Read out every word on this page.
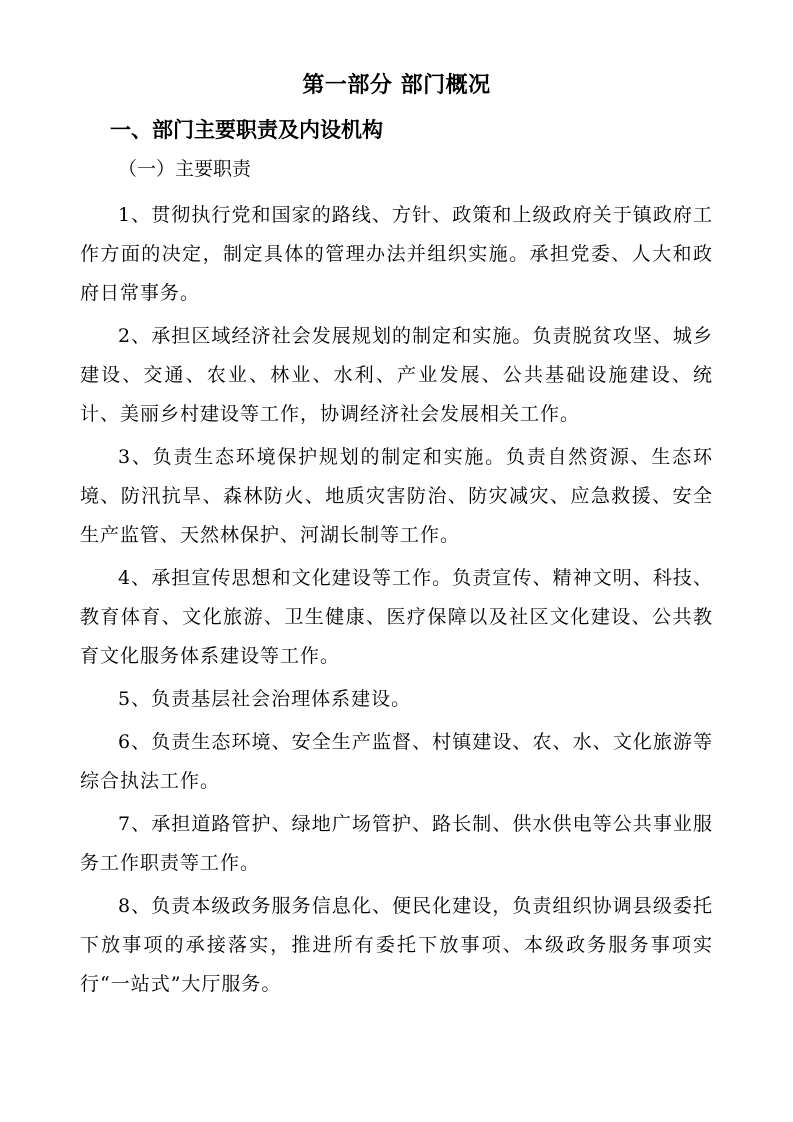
第一部分 部门概况
一、部门主要职责及内设机构
（一）主要职责

1、贯彻执行党和国家的路线、方针、政策和上级政府关于镇政府工作方面的决定，制定具体的管理办法并组织实施。承担党委、人大和政府日常事务。

2、承担区域经济社会发展规划的制定和实施。负责脱贫攻坚、城乡建设、交通、农业、林业、水利、产业发展、公共基础设施建设、统计、美丽乡村建设等工作，协调经济社会发展相关工作。

3、负责生态环境保护规划的制定和实施。负责自然资源、生态环境、防汛抗旱、森林防火、地质灾害防治、防灾减灾、应急救援、安全生产监管、天然林保护、河湖长制等工作。

4、承担宣传思想和文化建设等工作。负责宣传、精神文明、科技、教育体育、文化旅游、卫生健康、医疗保障以及社区文化建设、公共教育文化服务体系建设等工作。

5、负责基层社会治理体系建设。

6、负责生态环境、安全生产监督、村镇建设、农、水、文化旅游等综合执法工作。

7、承担道路管护、绿地广场管护、路长制、供水供电等公共事业服务工作职责等工作。

8、负责本级政务服务信息化、便民化建设，负责组织协调县级委托下放事项的承接落实，推进所有委托下放事项、本级政务服务事项实行“一站式”大厅服务。
